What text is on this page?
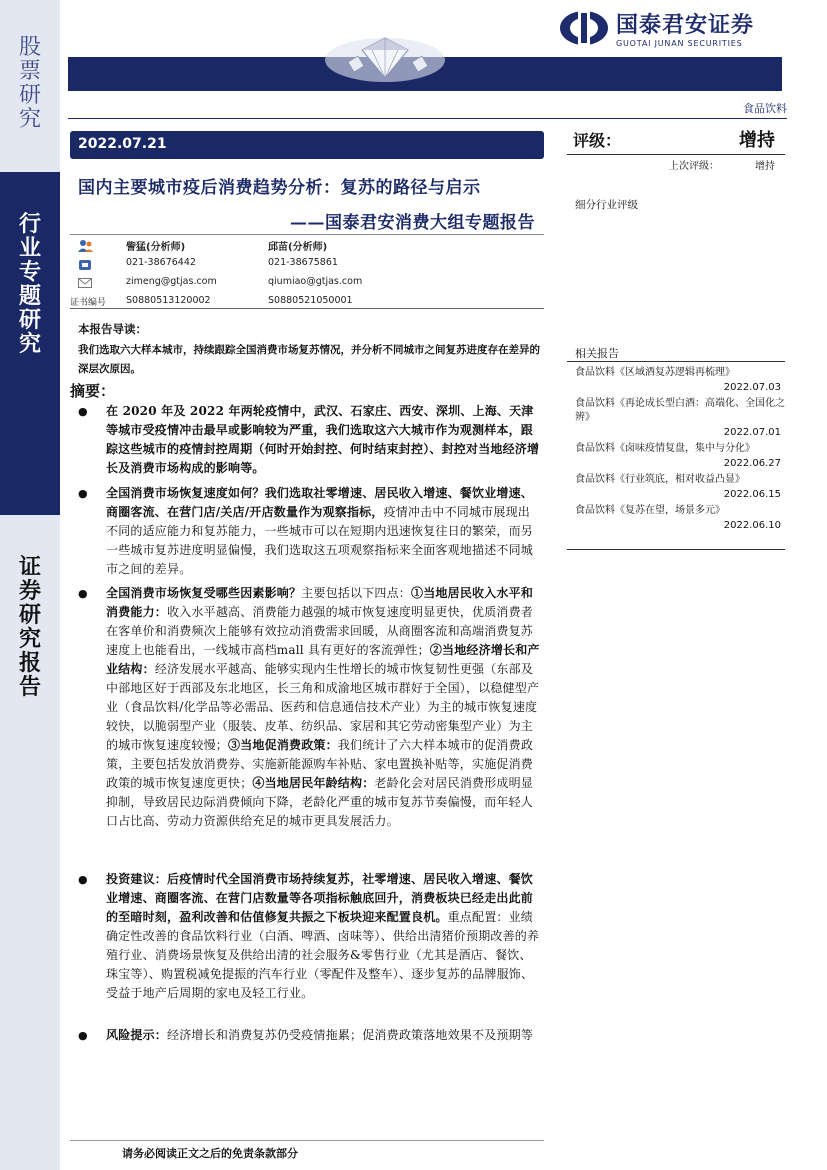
股
票
研
究
行
业
专
题
研
究
证
券
研
究
报
告
国泰君安证券
GUOTAI JUNAN SECURITIES
食品饮料
2022.07.21
国内主要城市疫后消费趋势分析：复苏的路径与启示
——国泰君安消费大组专题报告
訾猛(分析师)	邱苗(分析师)
021-38676442	021-38675861
zimeng@gtjas.com	qiumiao@gtjas.com
证书编号 S0880513120002	S0880521050001
本报告导读：
我们选取六大样本城市，持续跟踪全国消费市场复苏情况，并分析不同城市之间复苏进度存在差异的深层次原因。
摘要：
● 在 2020 年及 2022 年两轮疫情中，武汉、石家庄、西安、深圳、上海、天津等城市受疫情冲击最早或影响较为严重，我们选取这六大城市作为观测样本，跟踪这些城市的疫情封控周期（何时开始封控、何时结束封控）、封控对当地经济增长及消费市场构成的影响等。
● 全国消费市场恢复速度如何？我们选取社零增速、居民收入增速、餐饮业增速、商圈客流、在营门店/关店/开店数量作为观察指标，疫情冲击中不同城市展现出不同的适应能力和复苏能力，一些城市可以在短期内迅速恢复往日的繁荣，而另一些城市复苏进度明显偏慢，我们选取这五项观察指标来全面客观地描述不同城市之间的差异。
● 全国消费市场恢复受哪些因素影响？主要包括以下四点：①当地居民收入水平和消费能力：收入水平越高、消费能力越强的城市恢复速度明显更快，优质消费者在客单价和消费频次上能够有效拉动消费需求回暖，从商圈客流和高端消费复苏速度上也能看出，一线城市高档mall 具有更好的客流弹性；②当地经济增长和产业结构：经济发展水平越高、能够实现内生性增长的城市恢复韧性更强（东部及中部地区好于西部及东北地区，长三角和成渝地区城市群好于全国），以稳健型产业（食品饮料/化学品等必需品、医药和信息通信技术产业）为主的城市恢复速度较快，以脆弱型产业（服装、皮革、纺织品、家居和其它劳动密集型产业）为主的城市恢复速度较慢；③当地促消费政策：我们统计了六大样本城市的促消费政策，主要包括发放消费券、实施新能源购车补贴、家电置换补贴等，实施促消费政策的城市恢复速度更快；④当地居民年龄结构：老龄化会对居民消费形成明显抑制，导致居民边际消费倾向下降，老龄化严重的城市复苏节奏偏慢，而年轻人口占比高、劳动力资源供给充足的城市更具发展活力。
● 投资建议：后疫情时代全国消费市场持续复苏，社零增速、居民收入增速、餐饮业增速、商圈客流、在营门店数量等各项指标触底回升，消费板块已经走出此前的至暗时刻，盈利改善和估值修复共振之下板块迎来配置良机。重点配置：业绩确定性改善的食品饮料行业（白酒、啤酒、卤味等）、供给出清猪价预期改善的养殖行业、消费场景恢复及供给出清的社会服务&零售行业（尤其是酒店、餐饮、珠宝等）、购置税减免提振的汽车行业（零配件及整车）、逐步复苏的品牌服饰、受益于地产后周期的家电及轻工行业。
● 风险提示：经济增长和消费复苏仍受疫情拖累；促消费政策落地效果不及预期等
请务必阅读正文之后的免责条款部分
评级：	增持
上次评级：	增持
细分行业评级
相关报告
食品饮料《区域酒复苏逻辑再梳理》
2022.07.03
食品饮料《再论成长型白酒：高端化、全国化之辨》
2022.07.01
食品饮料《卤味疫情复盘，集中与分化》
2022.06.27
食品饮料《行业筑底，相对收益凸显》
2022.06.15
食品饮料《复苏在望，场景多元》
2022.06.10
